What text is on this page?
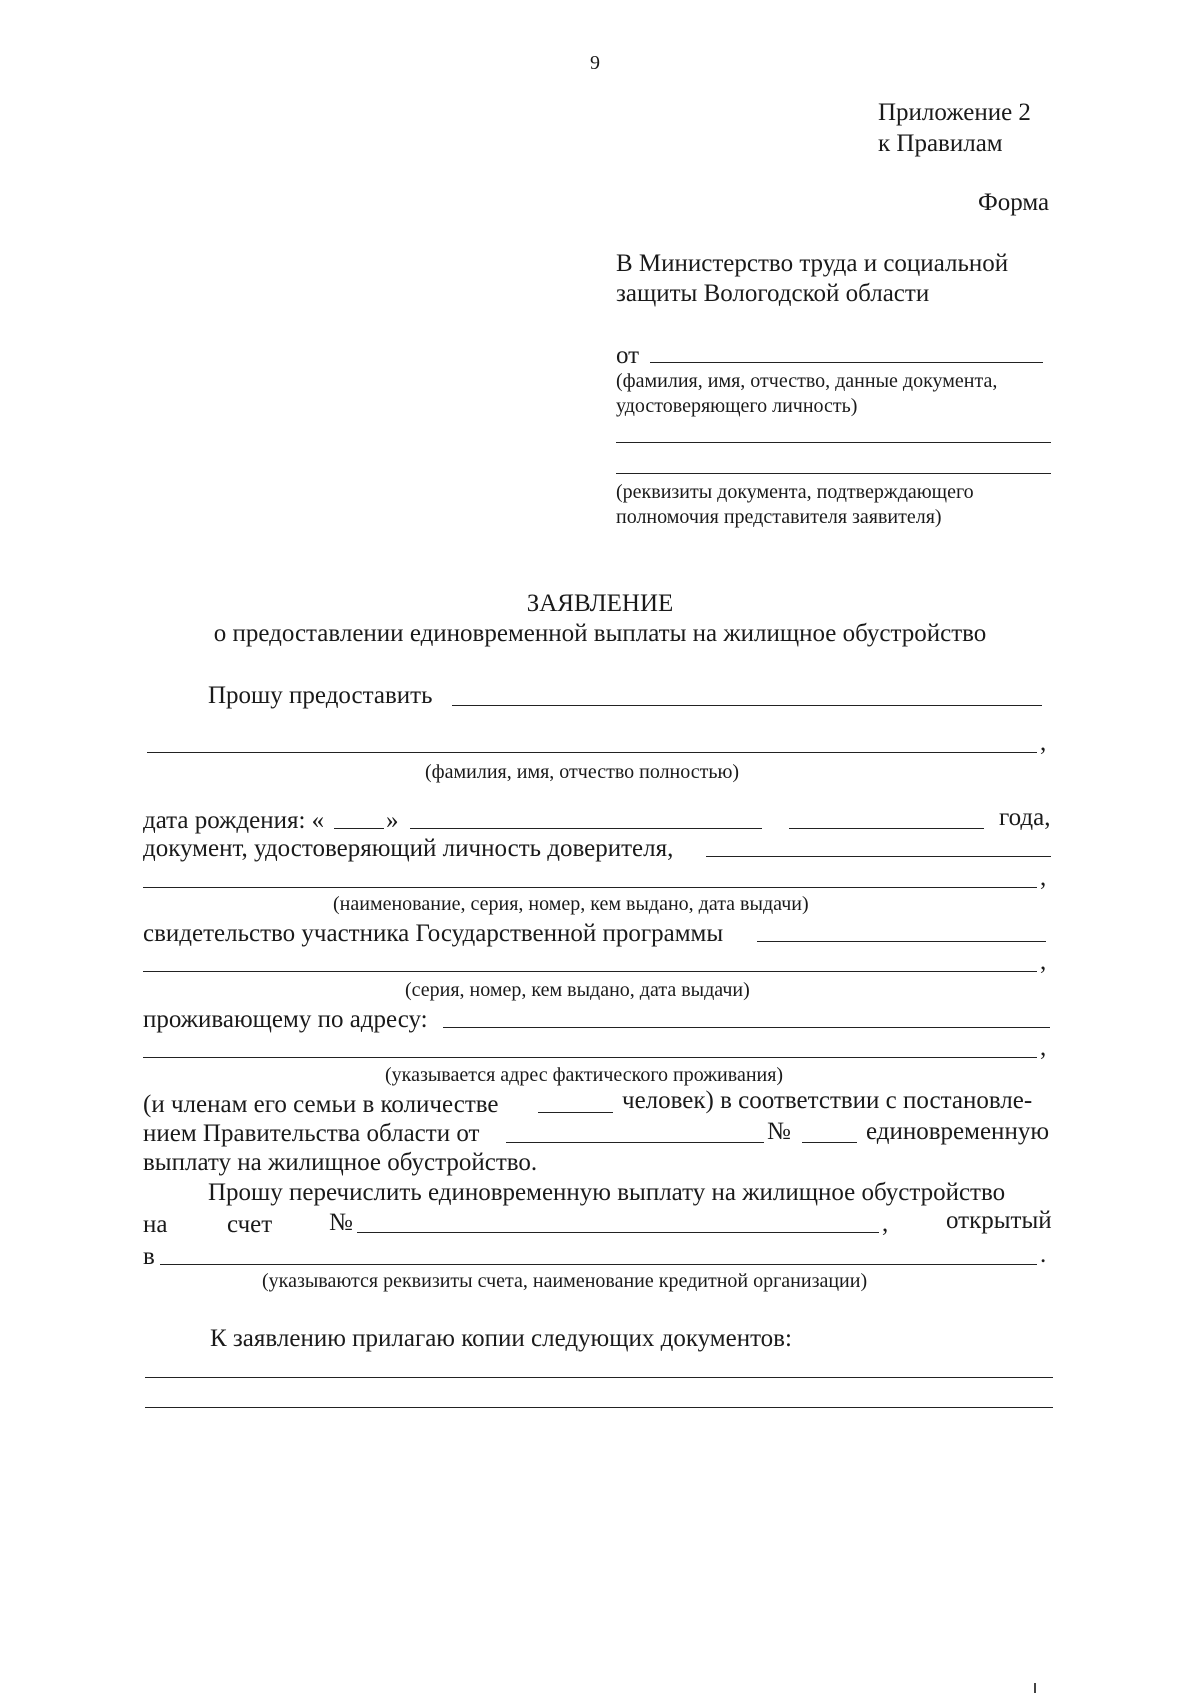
9
Приложение 2
к Правилам
Форма
В Министерство труда и социальной
защиты Вологодской области
от
(фамилия, имя, отчество, данные документа,
удостоверяющего личность)
(реквизиты документа, подтверждающего
полномочия представителя заявителя)
ЗАЯВЛЕНИЕ
о предоставлении единовременной выплаты на жилищное обустройство
Прошу предоставить
,
(фамилия, имя, отчество полностью)
дата рождения: « »	года,
документ, удостоверяющий личность доверителя,
,
(наименование, серия, номер, кем выдано, дата выдачи)
свидетельство участника Государственной программы
,
(серия, номер, кем выдано, дата выдачи)
проживающему по адресу:
,
(указывается адрес фактического проживания)
(и членам его семьи в количестве	человек) в соответствии с постановле-
нием Правительства области от	№	единовременную
выплату на жилищное обустройство.
Прошу перечислить единовременную выплату на жилищное обустройство
на счет №	, открытый
в	.
(указываются реквизиты счета, наименование кредитной организации)
К заявлению прилагаю копии следующих документов:
